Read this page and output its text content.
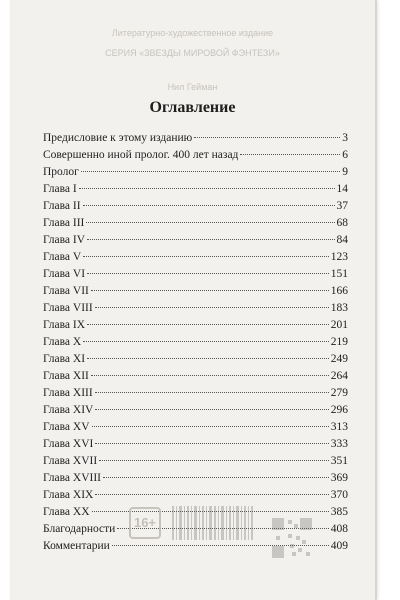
Литературно-художественное издание
СЕРИЯ «ЗВЕЗДЫ МИРОВОЙ ФЭНТЕЗИ»
Нил Гейман
Оглавление
Предисловие к этому изданию	3
Совершенно иной пролог. 400 лет назад	6
Пролог	9
Глава I	14
Глава II	37
Глава III	68
Глава IV	84
Глава V	123
Глава VI	151
Глава VII	166
Глава VIII	183
Глава IX	201
Глава X	219
Глава XI	249
Глава XII	264
Глава XIII	279
Глава XIV	296
Глава XV	313
Глава XVI	333
Глава XVII	351
Глава XVIII	369
Глава XIX	370
Глава XX	385
Благодарности	408
Комментарии	409
16+
